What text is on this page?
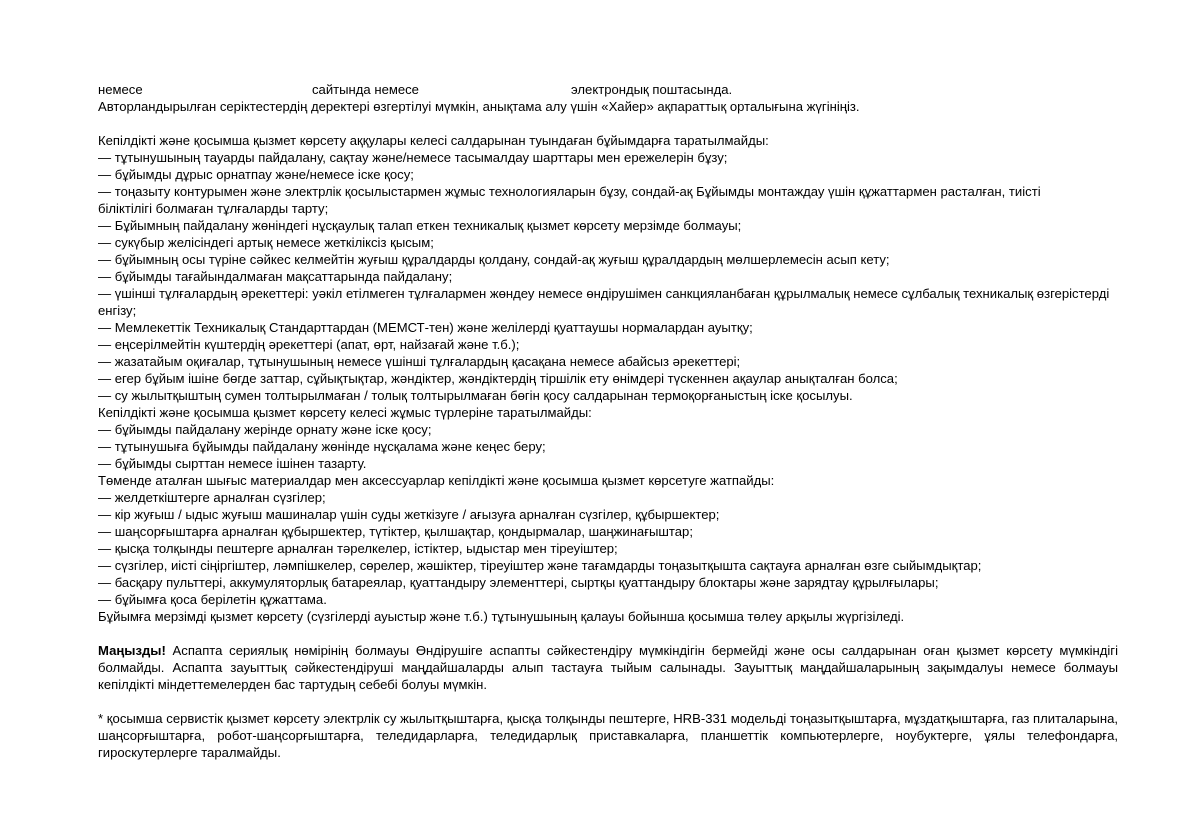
немесе	сайтында немесе	электрондық поштасында.
Авторландырылған серіктестердің деректері өзгертілуі мүмкін, анықтама алу үшін «Хайер» ақпараттық орталығына жүгініңіз.
Кепілдікті және қосымша қызмет көрсету аққулары келесі салдарынан туындаған бұйымдарға таратылмайды:
— тұтынушының тауарды пайдалану, сақтау және/немесе тасымалдау шарттары мен ережелерін бұзу;
— бұйымды дұрыс орнатпау және/немесе іске қосу;
— тоңазыту контурымен және электрлік қосылыстармен жұмыс технологияларын бұзу, сондай-ақ Бұйымды монтаждау үшін құжаттармен расталған, тиісті біліктілігі болмаған тұлғаларды тарту;
— Бұйымның пайдалану жөніндегі нұсқаулық талап еткен техникалық қызмет көрсету мерзімде болмауы;
— сукүбыр желісіндегі артық немесе жеткіліксіз қысым;
— бұйымның осы түріне сәйкес келмейтін жуғыш құралдарды қолдану, сондай-ақ жуғыш құралдардың мөлшерлемесін асып кету;
— бұйымды тағайындалмаған мақсаттарында пайдалану;
— үшінші тұлғалардың әрекеттері: уәкіл етілмеген тұлғалармен жөндеу немесе өндірушімен санкцияланбаған құрылмалық немесе сұлбалық техникалық өзгерістерді енгізу;
— Мемлекеттік Техникалық Стандарттардан (МЕМСТ-тен) және желілерді қуаттаушы нормалардан ауытқу;
— еңсерілмейтін күштердің әрекеттері (апат, өрт, найзағай және т.б.);
— жазатайым оқиғалар, тұтынушының немесе үшінші тұлғалардың қасақана немесе абайсыз әрекеттері;
— егер бұйым ішіне бөгде заттар, сұйықтықтар, жәндіктер, жәндіктердің тіршілік ету өнімдері түскеннен ақаулар анықталған болса;
— су жылытқыштың сумен толтырылмаған / толық толтырылмаған бөгін қосу салдарынан термоқорғаныстың іске қосылуы.
Кепілдікті және қосымша қызмет көрсету келесі жұмыс түрлеріне таратылмайды:
— бұйымды пайдалану жерінде орнату және іске қосу;
— тұтынушыға бұйымды пайдалану жөнінде нұсқалама және кеңес беру;
— бұйымды сырттан немесе ішінен тазарту.
Төменде аталған шығыс материалдар мен аксессуарлар кепілдікті және қосымша қызмет көрсетуге жатпайды:
— желдеткіштерге арналған сүзгілер;
— кір жуғыш / ыдыс жуғыш машиналар үшін суды жеткізуге / ағызуға арналған сүзгілер, құбыршектер;
— шаңсорғыштарға арналған құбыршектер, түтіктер, қылшақтар, қондырмалар, шаңжинағыштар;
— қысқа толқынды пештерге арналған тәрелкелер, істіктер, ыдыстар мен тіреуіштер;
— сүзгілер, иісті сіңіргіштер, ләмпішкелер, сөрелер, жәшіктер, тіреуіштер және тағамдарды тоңазытқышта сақтауға арналған өзге сыйымдықтар;
— басқару пульттері, аккумуляторлық батареялар, қуаттандыру элементтері, сыртқы қуаттандыру блоктары және зарядтау құрылғылары;
— бұйымға қоса берілетін құжаттама.
Бұйымға мерзімді қызмет көрсету (сүзгілерді ауыстыр және т.б.) тұтынушының қалауы бойынша қосымша төлеу арқылы жүргізіледі.
Маңызды! Аспапта сериялық нөмірінің болмауы Өндірушіге аспапты сәйкестендіру мүмкіндігін бермейді және осы салдарынан оған қызмет көрсету мүмкіндігі болмайды. Аспапта зауыттық сәйкестендіруші маңдайшаларды алып тастауға тыйым салынады. Зауыттық маңдайшаларының зақымдалуы немесе болмауы кепілдікті міндеттемелерден бас тартудың себебі болуы мүмкін.
* қосымша сервистік қызмет көрсету электрлік су жылытқыштарға, қысқа толқынды пештерге, HRB-331 модельді тоңазытқыштарға, мұздатқыштарға, газ плиталарына, шаңсорғыштарға, робот-шаңсорғыштарға, теледидарларға, теледидарлық приставкаларға, планшеттік компьютерлерге, ноубуктерге, ұялы телефондарға, гироскутерлерге таралмайды.
